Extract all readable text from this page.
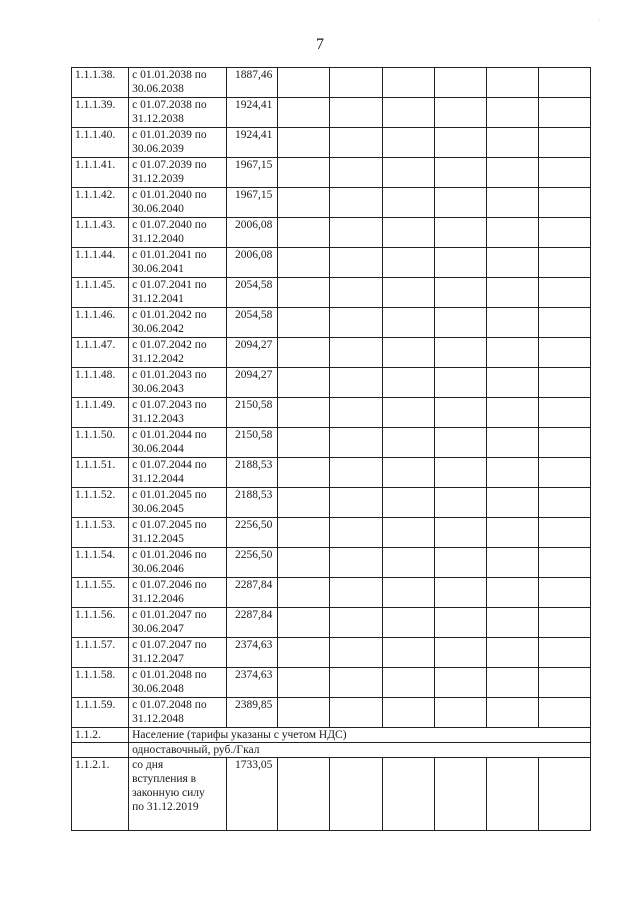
7
·
1.1.1.38.	с 01.01.2038 по
30.06.2038	1887,46						
1.1.1.39.	с 01.07.2038 по
31.12.2038	1924,41						
1.1.1.40.	с 01.01.2039 по
30.06.2039	1924,41						
1.1.1.41.	с 01.07.2039 по
31.12.2039	1967,15						
1.1.1.42.	с 01.01.2040 по
30.06.2040	1967,15						
1.1.1.43.	с 01.07.2040 по
31.12.2040	2006,08						
1.1.1.44.	с 01.01.2041 по
30.06.2041	2006,08						
1.1.1.45.	с 01.07.2041 по
31.12.2041	2054,58						
1.1.1.46.	с 01.01.2042 по
30.06.2042	2054,58						
1.1.1.47.	с 01.07.2042 по
31.12.2042	2094,27						
1.1.1.48.	с 01.01.2043 по
30.06.2043	2094,27						
1.1.1.49.	с 01.07.2043 по
31.12.2043	2150,58						
1.1.1.50.	с 01.01.2044 по
30.06.2044	2150,58						
1.1.1.51.	с 01.07.2044 по
31.12.2044	2188,53						
1.1.1.52.	с 01.01.2045 по
30.06.2045	2188,53						
1.1.1.53.	с 01.07.2045 по
31.12.2045	2256,50						
1.1.1.54.	с 01.01.2046 по
30.06.2046	2256,50						
1.1.1.55.	с 01.07.2046 по
31.12.2046	2287,84						
1.1.1.56.	с 01.01.2047 по
30.06.2047	2287,84						
1.1.1.57.	с 01.07.2047 по
31.12.2047	2374,63						
1.1.1.58.	с 01.01.2048 по
30.06.2048	2374,63						
1.1.1.59.	с 01.07.2048 по
31.12.2048	2389,85						
1.1.2.	Население (тарифы указаны с учетом НДС)							
	одноставочный, руб./Гкал							
1.1.2.1.	со дня
вступления в
законную силу
по 31.12.2019	1733,05						
